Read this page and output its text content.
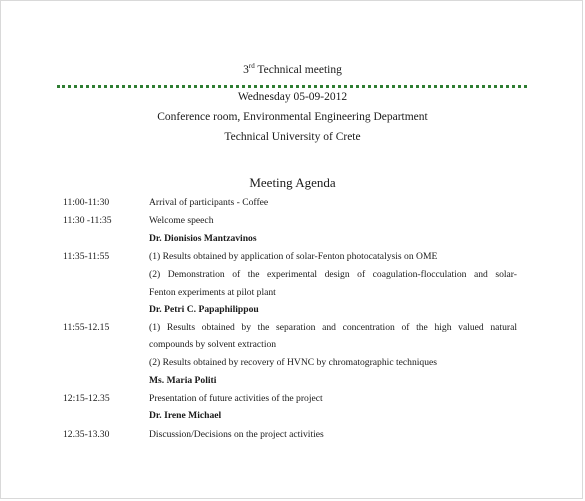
3rd Technical meeting
Wednesday 05-09-2012
Conference room, Environmental Engineering Department
Technical University of Crete
Meeting Agenda
11:00-11:30	Arrival of participants - Coffee
11:30 -11:35	Welcome speech
Dr. Dionisios Mantzavinos
11:35-11:55	(1) Results obtained by application of solar-Fenton photocatalysis on OME
(2) Demonstration of the experimental design of coagulation-flocculation and solar-
Fenton experiments at pilot plant
Dr. Petri C. Papaphilippou
11:55-12.15	(1) Results obtained by the separation and concentration of the high valued natural
compounds by solvent extraction
(2) Results obtained by recovery of HVNC by chromatographic techniques
Ms. Maria Politi
12:15-12.35	Presentation of future activities of the project
Dr. Irene Michael
12.35-13.30	Discussion/Decisions on the project activities
